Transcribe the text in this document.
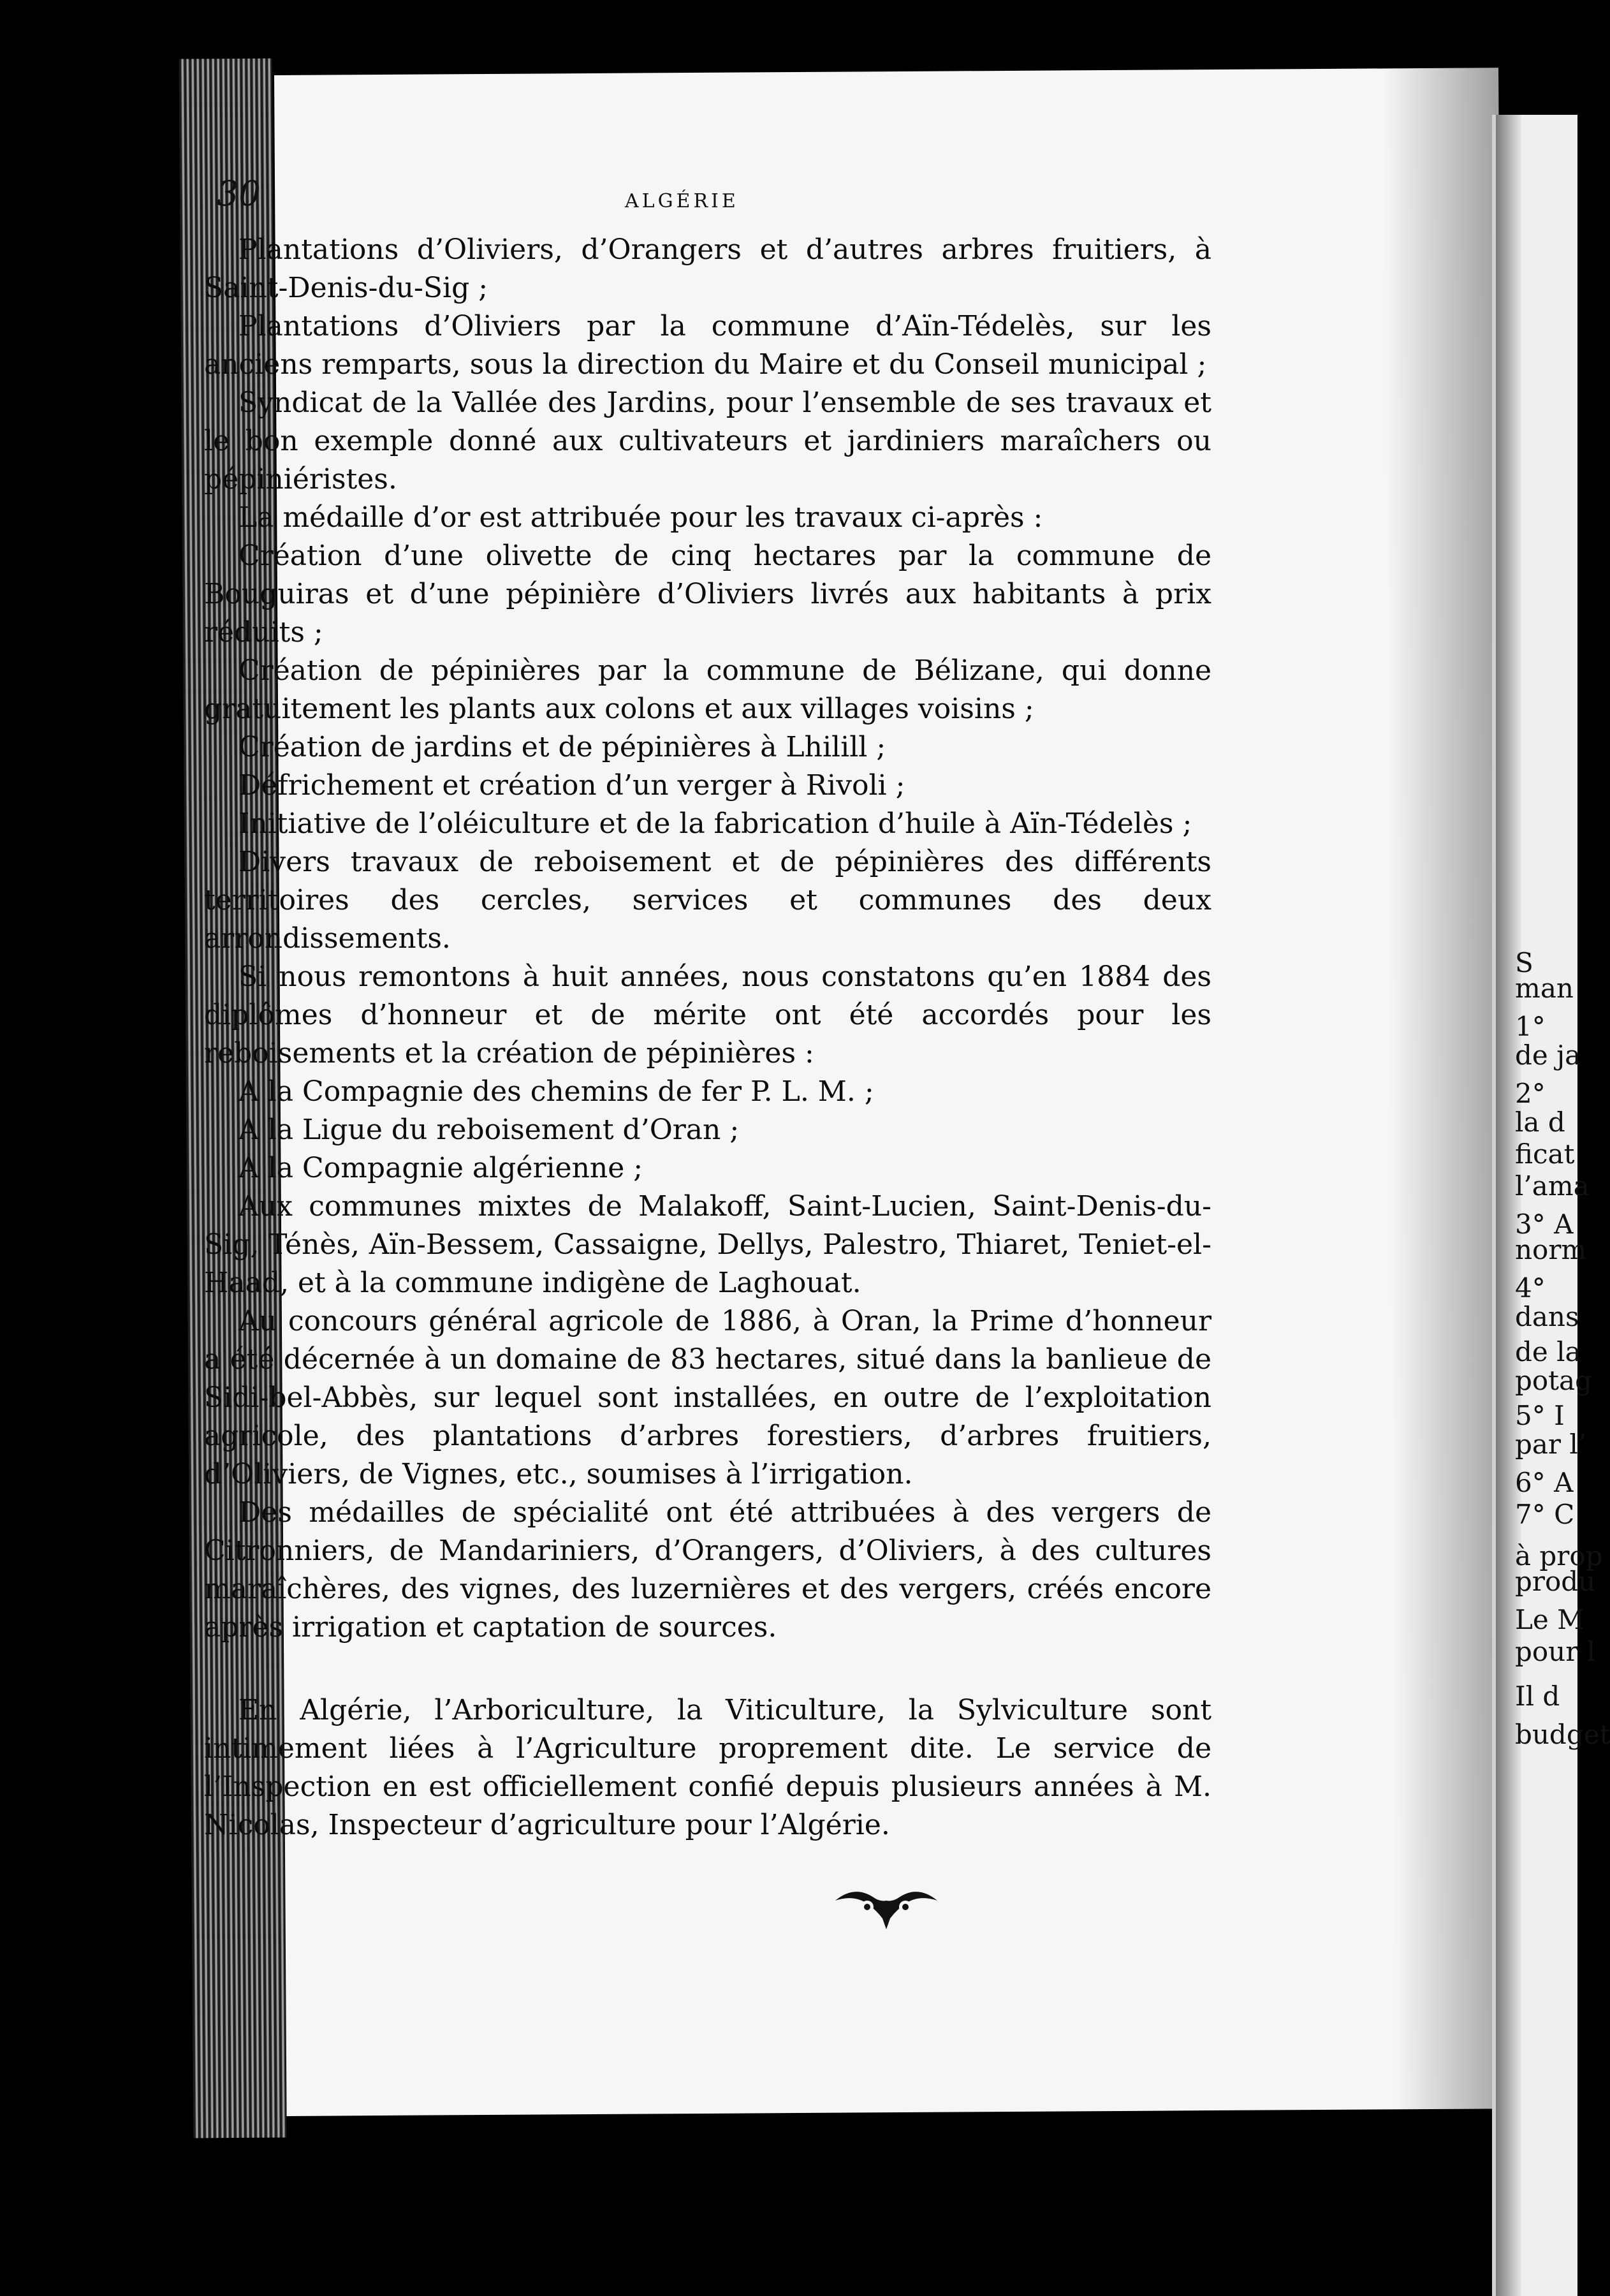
30	ALGÉRIE

Plantations d’Oliviers, d’Orangers et d’autres arbres fruitiers, à Saint-Denis-du-Sig ;

Plantations d’Oliviers par la commune d’Aïn-Tédelès, sur les anciens remparts, sous la direction du Maire et du Conseil municipal ;

Syndicat de la Vallée des Jardins, pour l’ensemble de ses travaux et le bon exemple donné aux cultivateurs et jardiniers maraîchers ou pépiniéristes.

La médaille d’or est attribuée pour les travaux ci-après :

Création d’une olivette de cinq hectares par la commune de Bouguiras et d’une pépinière d’Oliviers livrés aux habitants à prix réduits ;

Création de pépinières par la commune de Bélizane, qui donne gratuitement les plants aux colons et aux villages voisins ;

Création de jardins et de pépinières à Lhilill ;

Défrichement et création d’un verger à Rivoli ;

Initiative de l’oléiculture et de la fabrication d’huile à Aïn-Tédelès ;

Divers travaux de reboisement et de pépinières des différents territoires des cercles, services et communes des deux arrondissements.

Si nous remontons à huit années, nous constatons qu’en 1884 des diplômes d’honneur et de mérite ont été accordés pour les reboisements et la création de pépinières :

A la Compagnie des chemins de fer P. L. M. ;

A la Ligue du reboisement d’Oran ;

A la Compagnie algérienne ;

Aux communes mixtes de Malakoff, Saint-Lucien, Saint-Denis-du-Sig, Ténès, Aïn-Bessem, Cassaigne, Dellys, Palestro, Thiaret, Teniet-el-Haad, et à la commune indigène de Laghouat.

Au concours général agricole de 1886, à Oran, la Prime d’honneur a été décernée à un domaine de 83 hectares, situé dans la banlieue de Sidi-bel-Abbès, sur lequel sont installées, en outre de l’exploitation agricole, des plantations d’arbres forestiers, d’arbres fruitiers, d’Oliviers, de Vignes, etc., soumises à l’irrigation.

Des médailles de spécialité ont été attribuées à des vergers de Citronniers, de Mandariniers, d’Orangers, d’Oliviers, à des cultures maraîchères, des vignes, des luzernières et des vergers, créés encore après irrigation et captation de sources.

En Algérie, l’Arboriculture, la Viticulture, la Sylviculture sont intimement liées à l’Agriculture proprement dite. Le service de l’Inspection en est officiellement confié depuis plusieurs années à M. Nicolas, Inspecteur d’agriculture pour l’Algérie.

S
man
1°
de ja
2°
la d
ficat
l’ama
3° A
norm
4°
dans
de la
potag
5° I
par l’
6° A
7° C
à prop
produ
Le M
pour l
Il d
budget
